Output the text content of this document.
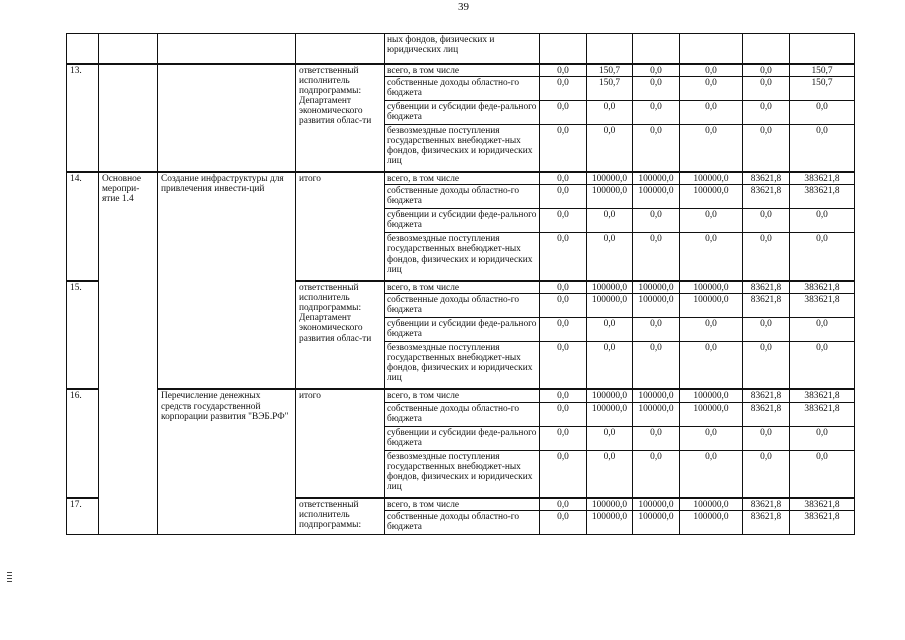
39
				ных фондов, физических и юридических лиц						
13.			ответственный исполнитель подпрограммы: Департамент экономического развития облас-ти	всего, в том числе	0,0	150,7	0,0	0,0	0,0	150,7
				собственные доходы областно-го бюджета	0,0	150,7	0,0	0,0	0,0	150,7
				субвенции и субсидии феде-рального бюджета	0,0	0,0	0,0	0,0	0,0	0,0
				безвозмездные поступления государственных внебюджет-ных фондов, физических и юридических лиц	0,0	0,0	0,0	0,0	0,0	0,0
14.	Основное меропри-ятие 1.4	Создание инфраструктуры для привлечения инвести-ций	итого	всего, в том числе	0,0	100000,0	100000,0	100000,0	83621,8	383621,8
				собственные доходы областно-го бюджета	0,0	100000,0	100000,0	100000,0	83621,8	383621,8
				субвенции и субсидии феде-рального бюджета	0,0	0,0	0,0	0,0	0,0	0,0
				безвозмездные поступления государственных внебюджет-ных фондов, физических и юридических лиц	0,0	0,0	0,0	0,0	0,0	0,0
15.			ответственный исполнитель подпрограммы: Департамент экономического развития облас-ти	всего, в том числе	0,0	100000,0	100000,0	100000,0	83621,8	383621,8
				собственные доходы областно-го бюджета	0,0	100000,0	100000,0	100000,0	83621,8	383621,8
				субвенции и субсидии феде-рального бюджета	0,0	0,0	0,0	0,0	0,0	0,0
				безвозмездные поступления государственных внебюджет-ных фондов, физических и юридических лиц	0,0	0,0	0,0	0,0	0,0	0,0
16.		Перечисление денежных средств государственной корпорации развития "ВЭБ.РФ"	итого	всего, в том числе	0,0	100000,0	100000,0	100000,0	83621,8	383621,8
				собственные доходы областно-го бюджета	0,0	100000,0	100000,0	100000,0	83621,8	383621,8
				субвенции и субсидии феде-рального бюджета	0,0	0,0	0,0	0,0	0,0	0,0
				безвозмездные поступления государственных внебюджет-ных фондов, физических и юридических лиц	0,0	0,0	0,0	0,0	0,0	0,0
17.			ответственный исполнитель подпрограммы:	всего, в том числе	0,0	100000,0	100000,0	100000,0	83621,8	383621,8
				собственные доходы областно-го бюджета	0,0	100000,0	100000,0	100000,0	83621,8	383621,8
